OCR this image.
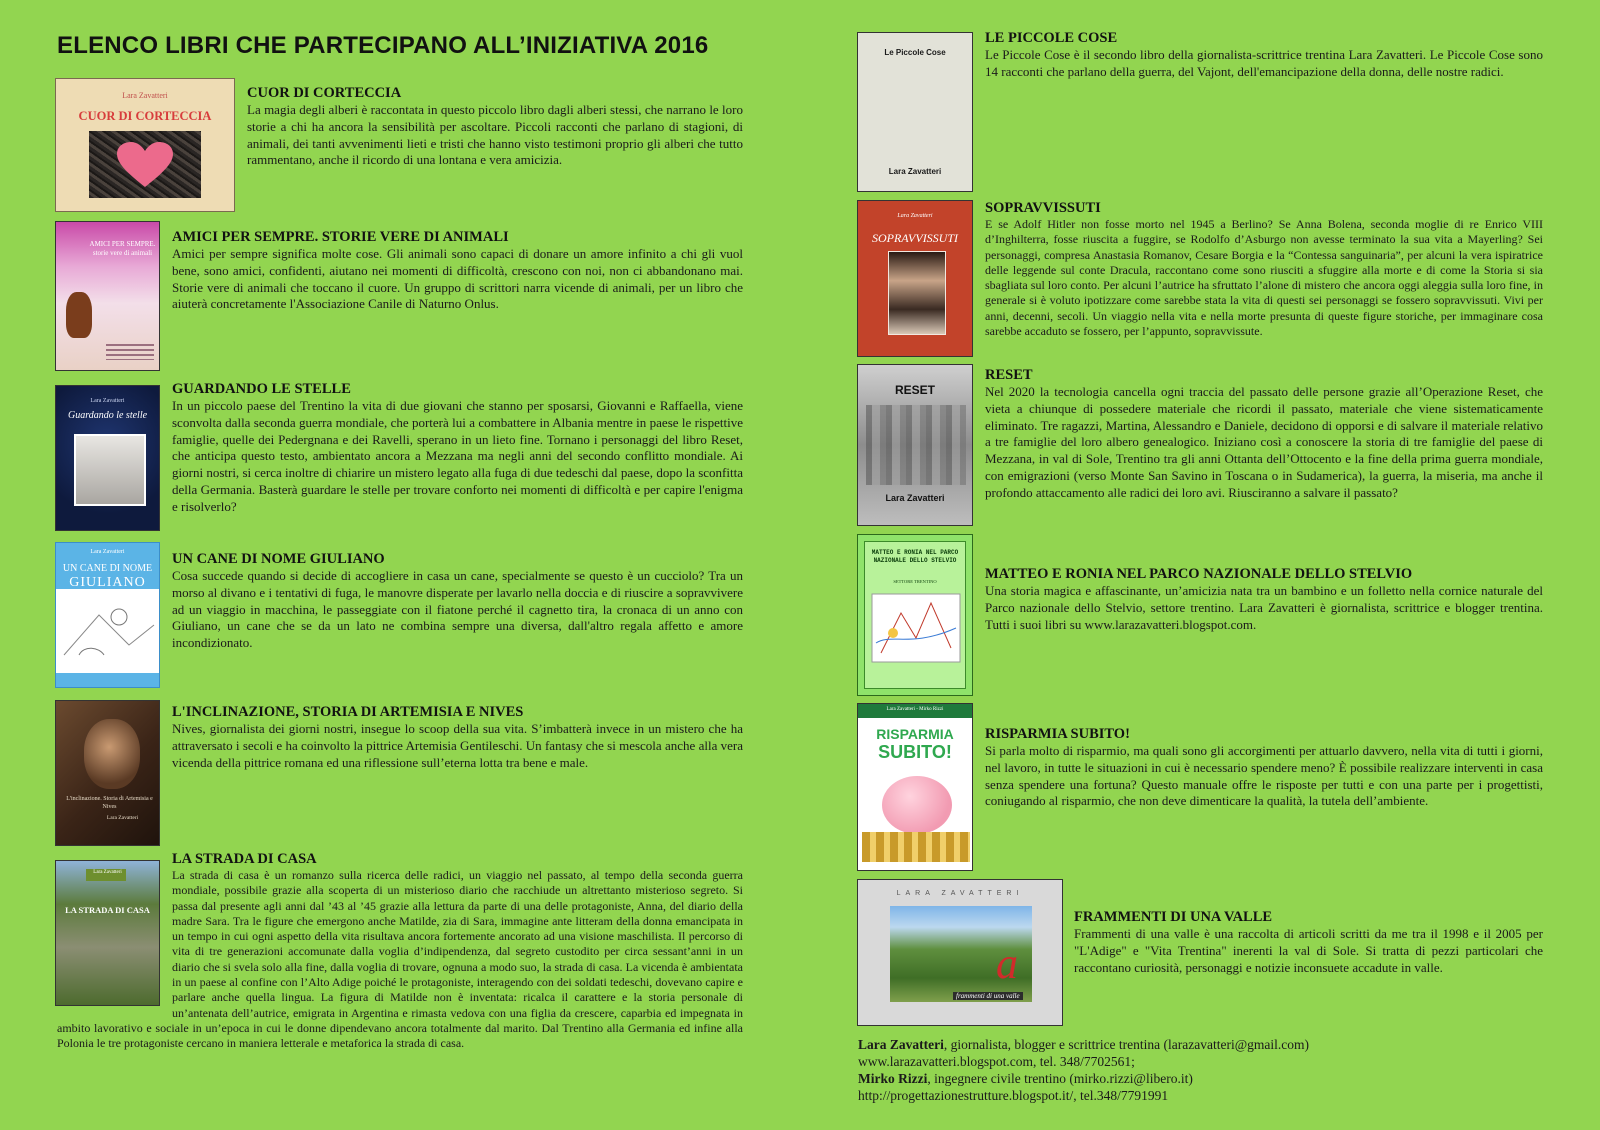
ELENCO LIBRI CHE PARTECIPANO ALL’INIZIATIVA 2016
Lara Zavatteri
CUOR DI CORTECCIA
CUOR DI CORTECCIA

La magia degli alberi è raccontata in questo piccolo libro dagli alberi stessi, che narrano le loro storie a chi ha ancora la sensibilità per ascoltare. Piccoli racconti che parlano di stagioni, di animali, dei tanti avvenimenti lieti e tristi che hanno visto testimoni proprio gli alberi che tutto rammentano, anche il ricordo di una lontana e vera amicizia.

AMICI PER SEMPRE. storie vere di animali
AMICI PER SEMPRE. STORIE VERE DI ANIMALI

Amici per sempre significa molte cose. Gli animali sono capaci di donare un amore infinito a chi gli vuol bene, sono amici, confidenti, aiutano nei momenti di difficoltà, crescono con noi, non ci abbandonano mai. Storie vere di animali che toccano il cuore. Un gruppo di scrittori narra vicende di animali, per un libro che aiuterà concretamente l'Associazione Canile di Naturno Onlus.

Lara Zavatteri
Guardando le stelle
GUARDANDO LE STELLE

In un piccolo paese del Trentino la vita di due giovani che stanno per sposarsi, Giovanni e Raffaella, viene sconvolta dalla seconda guerra mondiale, che porterà lui a combattere in Albania mentre in paese le rispettive famiglie, quelle dei Pedergnana e dei Ravelli, sperano in un lieto fine. Tornano i personaggi del libro Reset, che anticipa questo testo, ambientato ancora a Mezzana ma negli anni del secondo conflitto mondiale. Ai giorni nostri, si cerca inoltre di chiarire un mistero legato alla fuga di due tedeschi dal paese, dopo la sconfitta della Germania. Basterà guardare le stelle per trovare conforto nei momenti di difficoltà e per capire l'enigma e risolverlo?

Lara Zavatteri
UN CANE DI NOME
GIULIANO
UN CANE DI NOME GIULIANO

Cosa succede quando si decide di accogliere in casa un cane, specialmente se questo è un cucciolo? Tra un morso al divano e i tentativi di fuga, le manovre disperate per lavarlo nella doccia e di riuscire a sopravvivere ad un viaggio in macchina, le passeggiate con il fiatone perché il cagnetto tira, la cronaca di un anno con Giuliano, un cane che se da un lato ne combina sempre una diversa, dall'altro regala affetto e amore incondizionato.

L'inclinazione. Storia di Artemisia e Nives
Lara Zavatteri
L'INCLINAZIONE, STORIA DI ARTEMISIA E NIVES

Nives, giornalista dei giorni nostri, insegue lo scoop della sua vita. S’imbatterà invece in un mistero che ha attraversato i secoli e ha coinvolto la pittrice Artemisia Gentileschi. Un fantasy che si mescola anche alla vera vicenda della pittrice romana ed una riflessione sull’eterna lotta tra bene e male.

Lara Zavatteri
LA STRADA DI CASA
LA STRADA DI CASA

La strada di casa è un romanzo sulla ricerca delle radici, un viaggio nel passato, al tempo della seconda guerra mondiale, possibile grazie alla scoperta di un misterioso diario che racchiude un altrettanto misterioso segreto. Si passa dal presente agli anni dal ’43 al ’45 grazie alla lettura da parte di una delle protagoniste, Anna, del diario della madre Sara. Tra le figure che emergono anche Matilde, zia di Sara, immagine ante litteram della donna emancipata in un tempo in cui ogni aspetto della vita risultava ancora fortemente ancorato ad una visione maschilista. Il percorso di vita di tre generazioni accomunate dalla voglia d’indipendenza, dal segreto custodito per circa sessant’anni in un diario che si svela solo alla fine, dalla voglia di trovare, ognuna a modo suo, la strada di casa. La vicenda è ambientata in un paese al confine con l’Alto Adige poiché le protagoniste, interagendo con dei soldati tedeschi, dovevano capire e parlare anche quella lingua. La figura di Matilde non è inventata: ricalca il carattere e la storia personale di un’antenata dell’autrice, emigrata in Argentina e rimasta vedova con una figlia da crescere, caparbia ed impegnata in ambito lavorativo e sociale in un’epoca in cui le donne dipendevano ancora totalmente dal marito. Dal Trentino alla Germania ed infine alla Polonia le tre protagoniste cercano in maniera letterale e metaforica la strada di casa.

Le Piccole Cose
Lara Zavatteri
LE PICCOLE COSE

Le Piccole Cose è il secondo libro della giornalista-scrittrice trentina Lara Zavatteri. Le Piccole Cose sono 14 racconti che parlano della guerra, del Vajont, dell'emancipazione della donna, delle nostre radici.

Lara Zavatteri
SOPRAVVISSUTI
SOPRAVVISSUTI

E se Adolf Hitler non fosse morto nel 1945 a Berlino? Se Anna Bolena, seconda moglie di re Enrico VIII d’Inghilterra, fosse riuscita a fuggire, se Rodolfo d’Asburgo non avesse terminato la sua vita a Mayerling? Sei personaggi, compresa Anastasia Romanov, Cesare Borgia e la “Contessa sanguinaria”, per alcuni la vera ispiratrice delle leggende sul conte Dracula, raccontano come sono riusciti a sfuggire alla morte e di come la Storia si sia sbagliata sul loro conto. Per alcuni l’autrice ha sfruttato l’alone di mistero che ancora oggi aleggia sulla loro fine, in generale si è voluto ipotizzare come sarebbe stata la vita di questi sei personaggi se fossero sopravvissuti. Vivi per anni, decenni, secoli. Un viaggio nella vita e nella morte presunta di queste figure storiche, per immaginare cosa sarebbe accaduto se fossero, per l’appunto, sopravvissute.

RESET
Lara Zavatteri
RESET

Nel 2020 la tecnologia cancella ogni traccia del passato delle persone grazie all’Operazione Reset, che vieta a chiunque di possedere materiale che ricordi il passato, materiale che viene sistematicamente eliminato. Tre ragazzi, Martina, Alessandro e Daniele, decidono di opporsi e di salvare il materiale relativo a tre famiglie del loro albero genealogico. Iniziano così a conoscere la storia di tre famiglie del paese di Mezzana, in val di Sole, Trentino tra gli anni Ottanta dell’Ottocento e la fine della prima guerra mondiale, con emigrazioni (verso Monte San Savino in Toscana o in Sudamerica), la guerra, la miseria, ma anche il profondo attaccamento alle radici dei loro avi. Riusciranno a salvare il passato?

MATTEO E RONIA NEL PARCO NAZIONALE DELLO STELVIO
SETTORE TRENTINO	MATTEO E RONIA NEL PARCO NAZIONALE DELLO STELVIO

Una storia magica e affascinante, un’amicizia nata tra un bambino e un folletto nella cornice naturale del Parco nazionale dello Stelvio, settore trentino. Lara Zavatteri è giornalista, scrittrice e blogger trentina. Tutti i suoi libri su www.larazavatteri.blogspot.com.

Lara Zavatteri - Mirko Rizzi
RISPARMIA
SUBITO!
RISPARMIA SUBITO!

Si parla molto di risparmio, ma quali sono gli accorgimenti per attuarlo davvero, nella vita di tutti i giorni, nel lavoro, in tutte le situazioni in cui è necessario spendere meno? È possibile realizzare interventi in casa senza spendere una fortuna? Questo manuale offre le risposte per tutti e con una parte per i progettisti, coniugando al risparmio, che non deve dimenticare la qualità, la tutela dell’ambiente.

LARA ZAVATTERI
a
frammenti di una valle
FRAMMENTI DI UNA VALLE

Frammenti di una valle è una raccolta di articoli scritti da me tra il 1998 e il 2005 per "L'Adige" e "Vita Trentina" inerenti la val di Sole. Si tratta di pezzi particolari che raccontano curiosità, personaggi e notizie inconsuete accadute in valle.

Lara Zavatteri, giornalista, blogger e scrittrice trentina (larazavatteri@gmail.com)
www.larazavatteri.blogspot.com, tel. 348/7702561;
Mirko Rizzi, ingegnere civile trentino (mirko.rizzi@libero.it)
http://progettazionestrutture.blogspot.it/, tel.348/7791991
